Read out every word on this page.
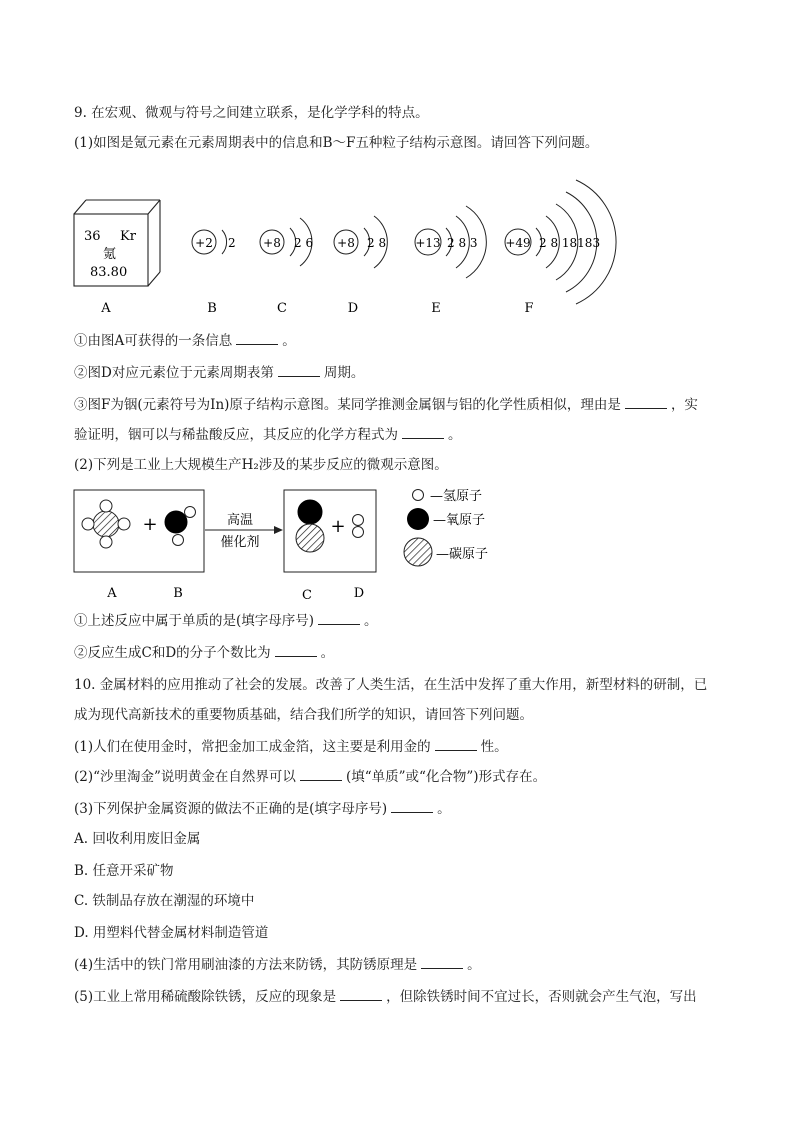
9. 在宏观、微观与符号之间建立联系，是化学学科的特点。
(1)如图是氪元素在元素周期表中的信息和B～F五种粒子结构示意图。请回答下列问题。
36 Kr
氪
83.80
+2 2 +8 2 6 +8 2 8 +13 2 8 3 +49 2 8 18183
A	B	C	D	E	F
①由图A可获得的一条信息	。
②图D对应元素位于元素周期表第	周期。
③图F为铟(元素符号为In)原子结构示意图。某同学推测金属铟与铝的化学性质相似，理由是	，实
验证明，铟可以与稀盐酸反应，其反应的化学方程式为	。
(2)下列是工业上大规模生产H₂涉及的某步反应的微观示意图。
+	高温
催化剂
+
—氢原子
—氧原子
—碳原子
A	B	C	D
①上述反应中属于单质的是(填字母序号)	。
②反应生成C和D的分子个数比为	。
10. 金属材料的应用推动了社会的发展。改善了人类生活，在生活中发挥了重大作用，新型材料的研制，已
成为现代高新技术的重要物质基础，结合我们所学的知识，请回答下列问题。
(1)人们在使用金时，常把金加工成金箔，这主要是利用金的	性。
(2)“沙里淘金”说明黄金在自然界可以	(填“单质”或“化合物”)形式存在。
(3)下列保护金属资源的做法不正确的是(填字母序号)	。
A. 回收利用废旧金属
B. 任意开采矿物
C. 铁制品存放在潮湿的环境中
D. 用塑料代替金属材料制造管道
(4)生活中的铁门常用刷油漆的方法来防锈，其防锈原理是	。
(5)工业上常用稀硫酸除铁锈，反应的现象是	，但除铁锈时间不宜过长，否则就会产生气泡，写出
